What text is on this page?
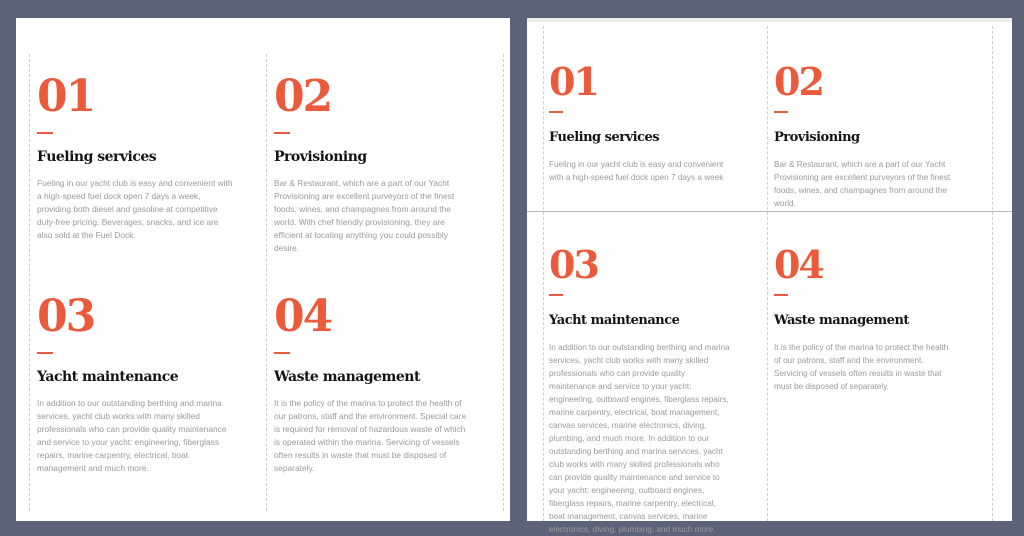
01
Fueling services
Fueling in our yacht club is easy and convenient with a high-speed fuel dock open 7 days a week, providing both diesel and gasoline at competitive duty-free pricing. Beverages, snacks, and ice are also sold at the Fuel Dock.
02
Provisioning
Bar & Restaurant, which are a part of our Yacht Provisioning are excellent purveyors of the finest foods, wines, and champagnes from around the world. With chef friendly provisioning, they are efficient at locating anything you could possibly desire.
03
Yacht maintenance
In addition to our outstanding berthing and marina services, yacht club works with many skilled professionals who can provide quality maintenance and service to your yacht: engineering, fiberglass repairs, marine carpentry, electrical, boat management and much more.
04
Waste management
It is the policy of the marina to protect the health of our patrons, staff and the environment. Special care is required for removal of hazardous waste of which is operated within the marina. Servicing of vessels often results in waste that must be disposed of separately.
01
Fueling services
Fueling in our yacht club is easy and convenient with a high-speed fuel dock open 7 days a week
02
Provisioning
Bar & Restaurant, which are a part of our Yacht Provisioning are excellent purveyors of the finest foods, wines, and champagnes from around the world.
03
Yacht maintenance
In addition to our outstanding berthing and marina services, yacht club works with many skilled professionals who can provide quality maintenance and service to your yacht: engineering, outboard engines, fiberglass repairs, marine carpentry, electrical, boat management, canvas services, marine electronics, diving, plumbing, and much more. In addition to our outstanding berthing and marina services, yacht club works with many skilled professionals who can provide quality maintenance and service to your yacht: engineering, outboard engines, fiberglass repairs, marine carpentry, electrical, boat management, canvas services, marine electronics, diving, plumbing, and much more.
04
Waste management
It is the policy of the marina to protect the health of our patrons, staff and the environment. Servicing of vessels often results in waste that must be disposed of separately.
